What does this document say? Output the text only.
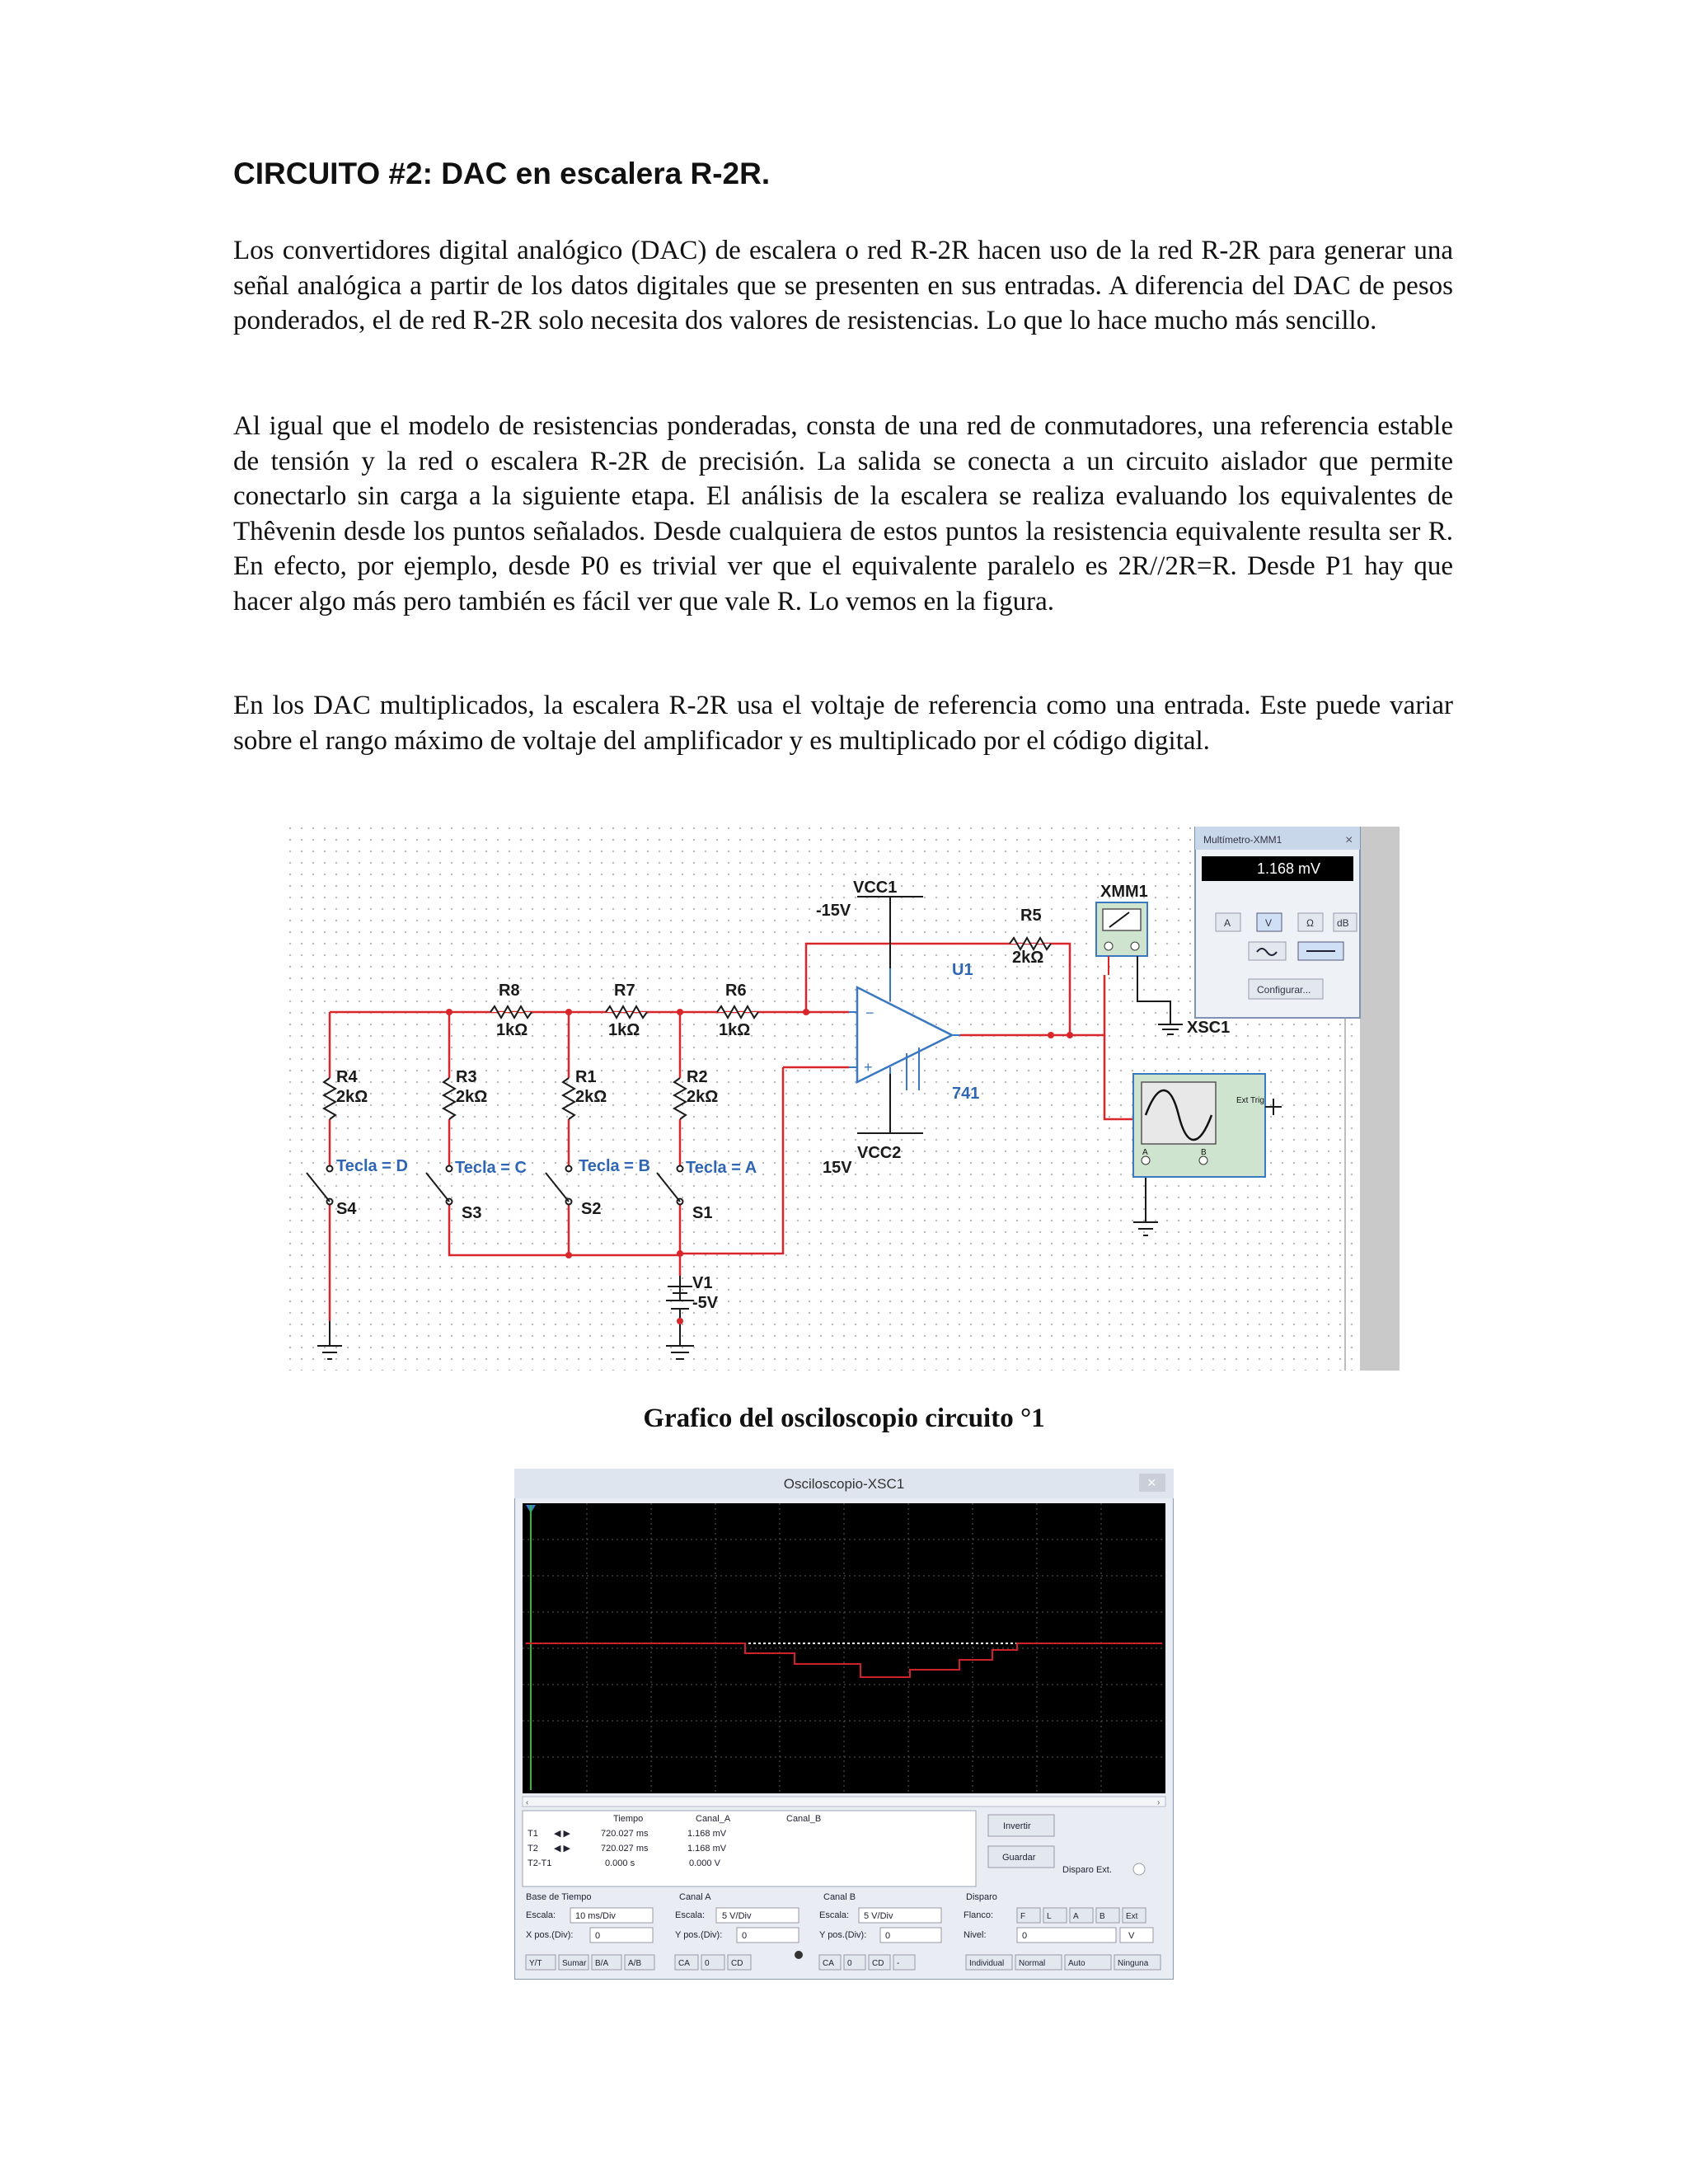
CIRCUITO #2: DAC en escalera R-2R.

Los convertidores digital analógico (DAC) de escalera o red R-2R hacen uso de la red R-2R para generar una señal analógica a partir de los datos digitales que se presenten en sus entradas. A diferencia del DAC de pesos ponderados, el de red R-2R solo necesita dos valores de resistencias. Lo que lo hace mucho más sencillo.

Al igual que el modelo de resistencias ponderadas, consta de una red de conmutadores, una referencia estable de tensión y la red o escalera R-2R de precisión. La salida se conecta a un circuito aislador que permite conectarlo sin carga a la siguiente etapa. El análisis de la escalera se realiza evaluando los equivalentes de Thêvenin desde los puntos señalados. Desde cualquiera de estos puntos la resistencia equivalente resulta ser R. En efecto, por ejemplo, desde P0 es trivial ver que el equivalente paralelo es 2R//2R=R. Desde P1 hay que hacer algo más pero también es fácil ver que vale R. Lo vemos en la figura.

En los DAC multiplicados, la escalera R-2R usa el voltaje de referencia como una entrada. Este puede variar sobre el rango máximo de voltaje del amplificador y es multiplicado por el código digital.

−
+
Ext Trig
A	B
VCC1
-15V
VCC2
15V
R5
2kΩ
XMM1
XSC1
V1
-5V
R8
1kΩ
R7
1kΩ
R6
1kΩ
R4
2kΩ
R3
2kΩ
R1
2kΩ
R2
2kΩ
S4	S3	S2	S1
U1
741
Tecla = D	Tecla = C	Tecla = B Tecla = A
Multímetro-XMM1	×
1.168 mV
A	V	Ω dB
Configurar...
Grafico del osciloscopio circuito °1
Osciloscopio-XSC1	×
‹	›
Tiempo	Canal_A	Canal_B
T1 ◀ ▶	720.027 ms	1.168 mV
T2 ◀ ▶	720.027 ms	1.168 mV
T2-T1	0.000 s	0.000 V
Invertir
Guardar
Disparo Ext.
Base de Tiempo
Escala: 10 ms/Div
X pos.(Div): 0
Y/T Sumar B/A A/B
Canal A
Escala: 5 V/Div
Y pos.(Div): 0
CA 0	CD
Canal B
Escala: 5 V/Div
Y pos.(Div): 0
CA 0 CD -
Disparo
Flanco:	F	L	A	B	Ext
Nivel:	0	V
Individual Normal	Auto	Ninguna
